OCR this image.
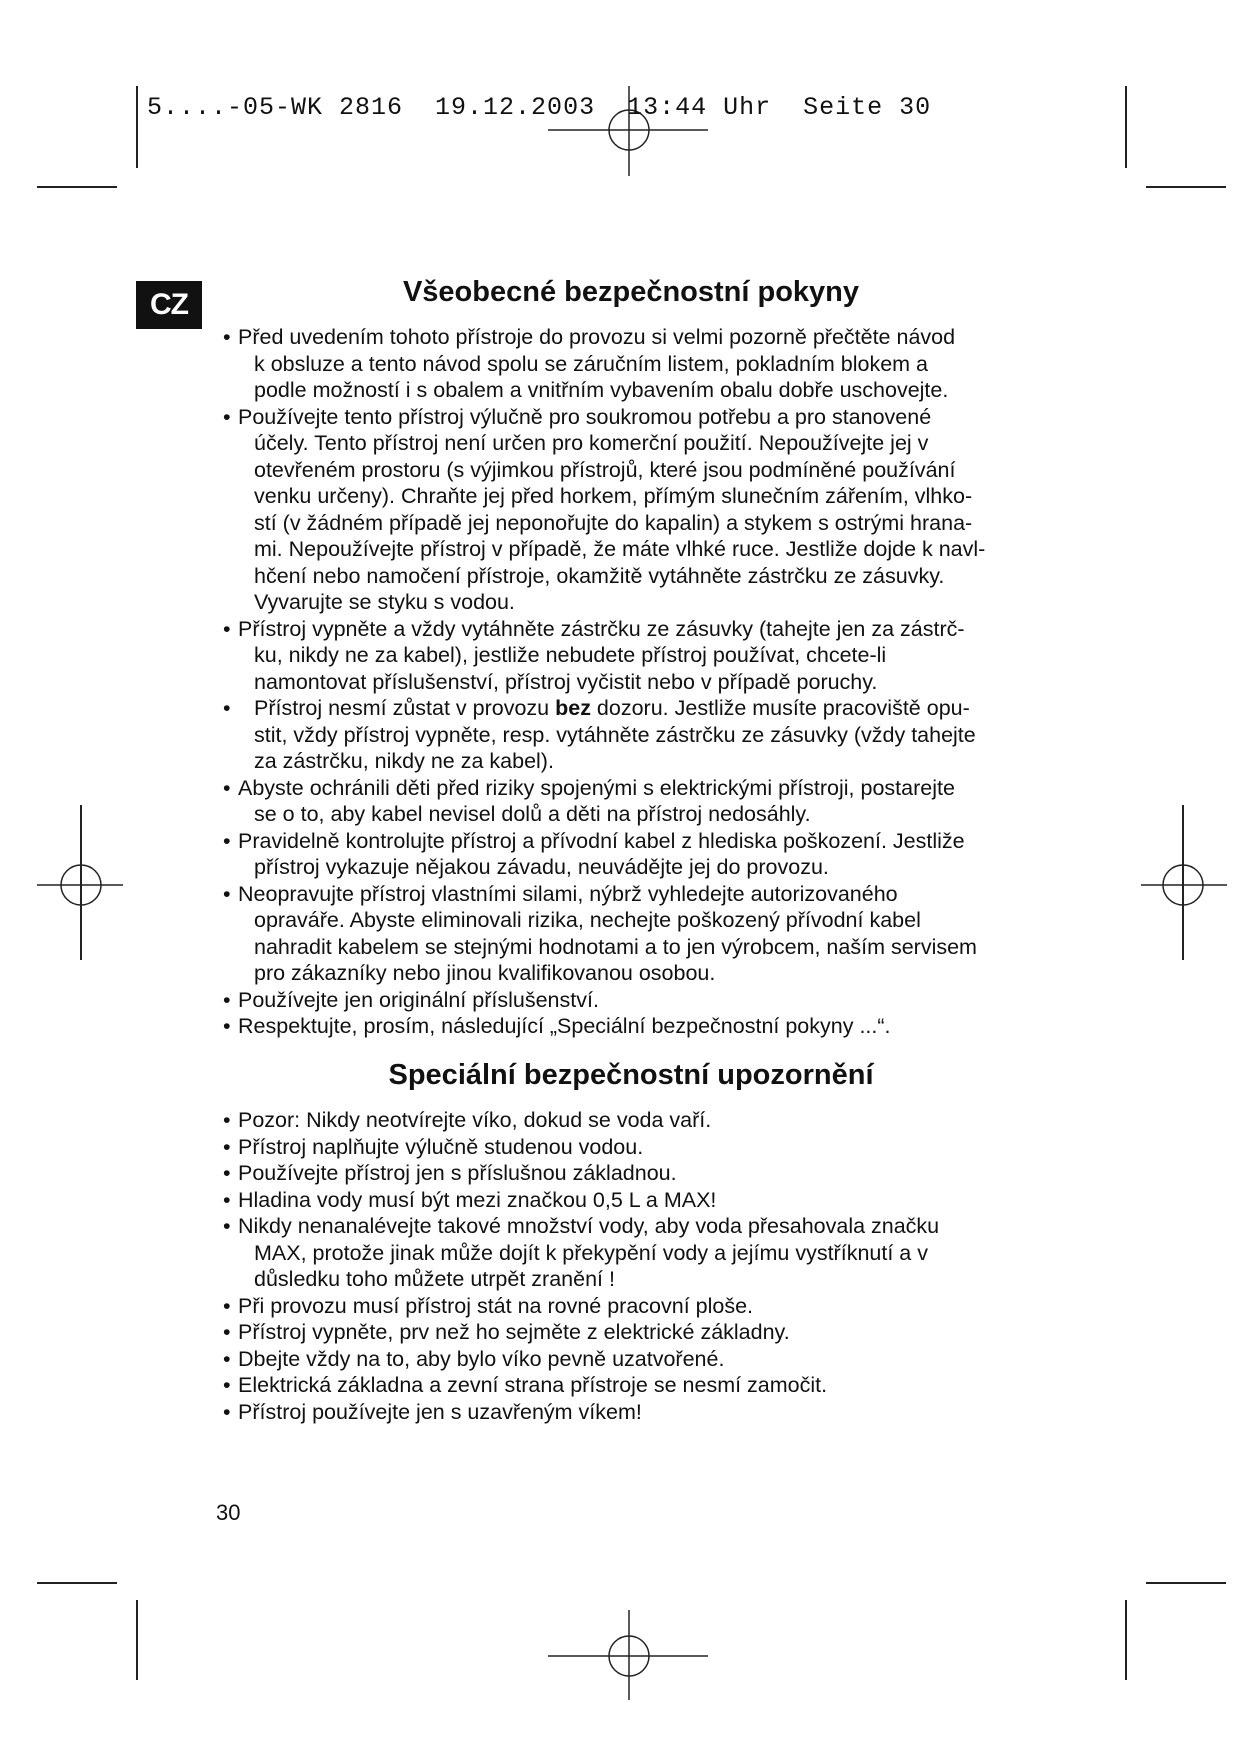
5....-05-WK 2816  19.12.2003  13:44 Uhr  Seite 30
CZ	Všeobecné bezpečnostní pokyny
• Před uvedením tohoto přístroje do provozu si velmi pozorně přečtěte návod
k obsluze a tento návod spolu se záručním listem, pokladním blokem a
podle možností i s obalem a vnitřním vybavením obalu dobře uschovejte.
• Používejte tento přístroj výlučně pro soukromou potřebu a pro stanovené
účely. Tento přístroj není určen pro komerční použití. Nepoužívejte jej v
otevřeném prostoru (s výjimkou přístrojů, které jsou podmíněné používání
venku určeny). Chraňte jej před horkem, přímým slunečním zářením, vlhko-
stí (v žádném případě jej neponořujte do kapalin) a stykem s ostrými hrana-
mi. Nepoužívejte přístroj v případě, že máte vlhké ruce. Jestliže dojde k navl-
hčení nebo namočení přístroje, okamžitě vytáhněte zástrčku ze zásuvky.
Vyvarujte se styku s vodou.
• Přístroj vypněte a vždy vytáhněte zástrčku ze zásuvky (tahejte jen za zástrč-
ku, nikdy ne za kabel), jestliže nebudete přístroj používat, chcete-li
namontovat příslušenství, přístroj vyčistit nebo v případě poruchy.
•	Přístroj nesmí zůstat v provozu bez dozoru. Jestliže musíte pracoviště opu-
stit, vždy přístroj vypněte, resp. vytáhněte zástrčku ze zásuvky (vždy tahejte
za zástrčku, nikdy ne za kabel).
• Abyste ochránili děti před riziky spojenými s elektrickými přístroji, postarejte
se o to, aby kabel nevisel dolů a děti na přístroj nedosáhly.
• Pravidelně kontrolujte přístroj a přívodní kabel z hlediska poškození. Jestliže
přístroj vykazuje nějakou závadu, neuvádějte jej do provozu.
• Neopravujte přístroj vlastními silami, nýbrž vyhledejte autorizovaného
opraváře. Abyste eliminovali rizika, nechejte poškozený přívodní kabel
nahradit kabelem se stejnými hodnotami a to jen výrobcem, naším servisem
pro zákazníky nebo jinou kvalifikovanou osobou.
• Používejte jen originální příslušenství.
• Respektujte, prosím, následující „Speciální bezpečnostní pokyny ...“.
Speciální bezpečnostní upozornění
• Pozor: Nikdy neotvírejte víko, dokud se voda vaří.
• Přístroj naplňujte výlučně studenou vodou.
• Používejte přístroj jen s příslušnou základnou.
• Hladina vody musí být mezi značkou 0,5 L a MAX!
• Nikdy nenanalévejte takové množství vody, aby voda přesahovala značku
MAX, protože jinak může dojít k překypění vody a jejímu vystříknutí a v
důsledku toho můžete utrpět zranění !
• Při provozu musí přístroj stát na rovné pracovní ploše.
• Přístroj vypněte, prv než ho sejměte z elektrické základny.
• Dbejte vždy na to, aby bylo víko pevně uzatvořené.
• Elektrická základna a zevní strana přístroje se nesmí zamočit.
• Přístroj používejte jen s uzavřeným víkem!
30
